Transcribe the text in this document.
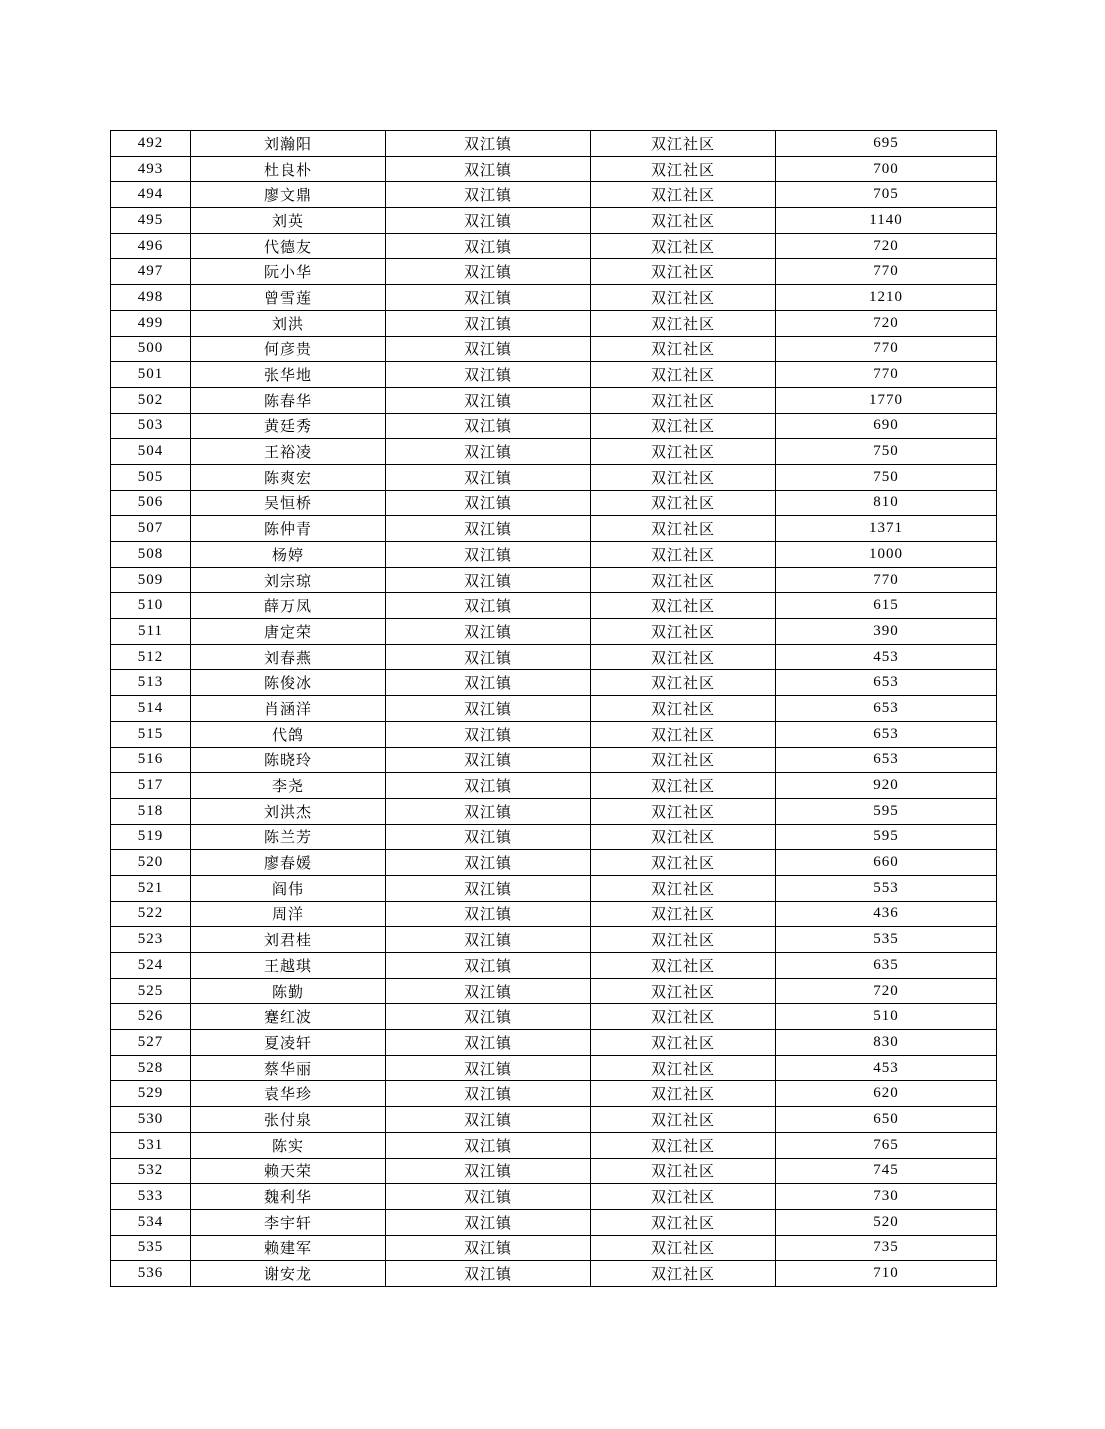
492	刘瀚阳	双江镇	双江社区	695
493	杜良朴	双江镇	双江社区	700
494	廖文鼎	双江镇	双江社区	705
495	刘英	双江镇	双江社区	1140
496	代德友	双江镇	双江社区	720
497	阮小华	双江镇	双江社区	770
498	曾雪莲	双江镇	双江社区	1210
499	刘洪	双江镇	双江社区	720
500	何彦贵	双江镇	双江社区	770
501	张华地	双江镇	双江社区	770
502	陈春华	双江镇	双江社区	1770
503	黄廷秀	双江镇	双江社区	690
504	王裕凌	双江镇	双江社区	750
505	陈爽宏	双江镇	双江社区	750
506	吴恒桥	双江镇	双江社区	810
507	陈仲青	双江镇	双江社区	1371
508	杨婷	双江镇	双江社区	1000
509	刘宗琼	双江镇	双江社区	770
510	薛万凤	双江镇	双江社区	615
511	唐定荣	双江镇	双江社区	390
512	刘春燕	双江镇	双江社区	453
513	陈俊冰	双江镇	双江社区	653
514	肖涵洋	双江镇	双江社区	653
515	代鸽	双江镇	双江社区	653
516	陈晓玲	双江镇	双江社区	653
517	李尧	双江镇	双江社区	920
518	刘洪杰	双江镇	双江社区	595
519	陈兰芳	双江镇	双江社区	595
520	廖春媛	双江镇	双江社区	660
521	阎伟	双江镇	双江社区	553
522	周洋	双江镇	双江社区	436
523	刘君桂	双江镇	双江社区	535
524	王越琪	双江镇	双江社区	635
525	陈勤	双江镇	双江社区	720
526	蹇红波	双江镇	双江社区	510
527	夏凌轩	双江镇	双江社区	830
528	蔡华丽	双江镇	双江社区	453
529	袁华珍	双江镇	双江社区	620
530	张付泉	双江镇	双江社区	650
531	陈实	双江镇	双江社区	765
532	赖天荣	双江镇	双江社区	745
533	魏利华	双江镇	双江社区	730
534	李宇轩	双江镇	双江社区	520
535	赖建军	双江镇	双江社区	735
536	谢安龙	双江镇	双江社区	710
